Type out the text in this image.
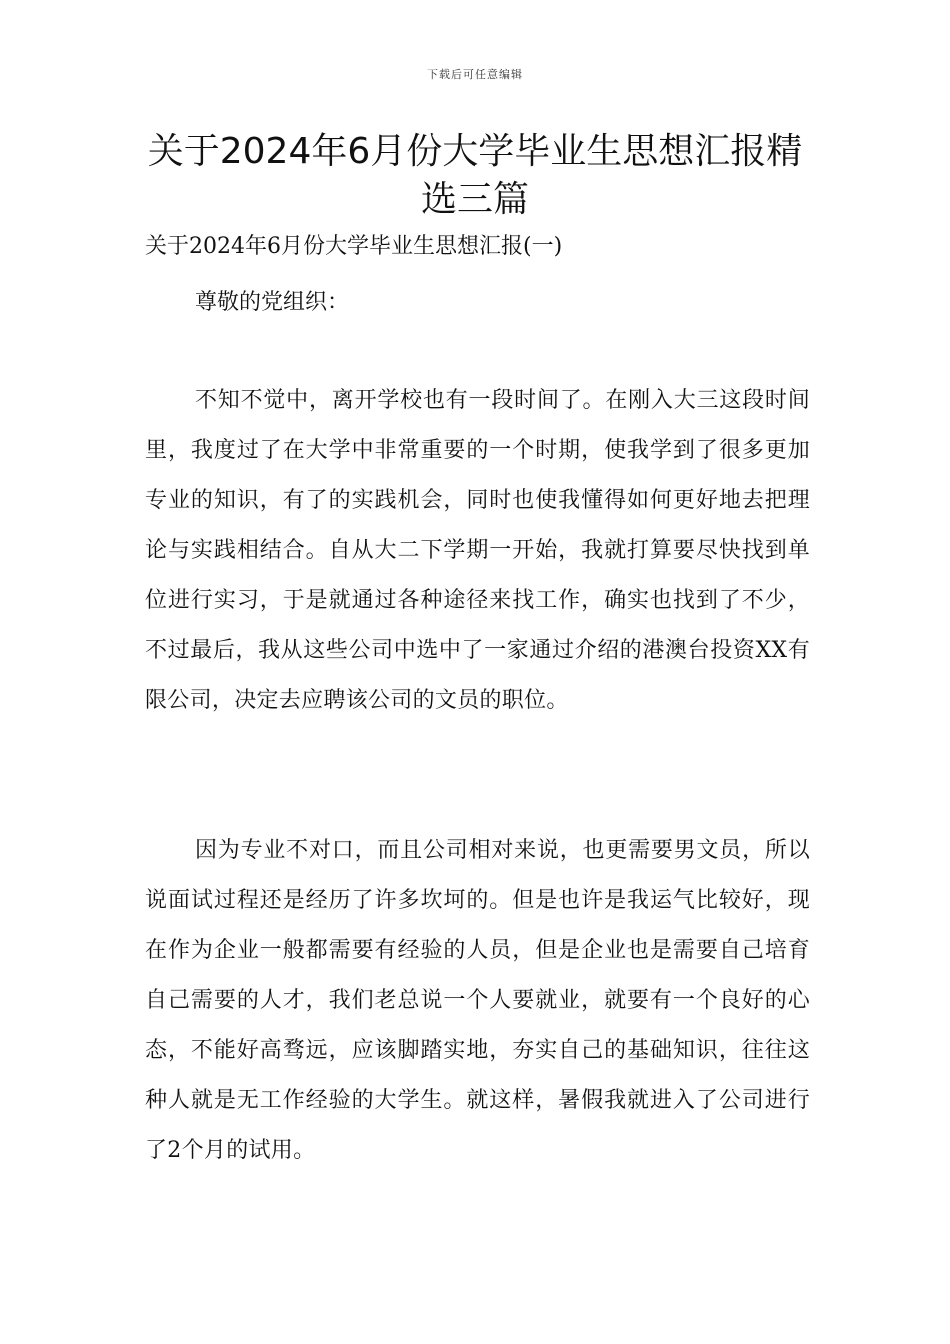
下载后可任意编辑
关于2024年6月份大学毕业生思想汇报精选三篇

关于2024年6月份大学毕业生思想汇报(一)

尊敬的党组织：

不知不觉中，离开学校也有一段时间了。在刚入大三这段时间里，我度过了在大学中非常重要的一个时期，使我学到了很多更加专业的知识，有了的实践机会，同时也使我懂得如何更好地去把理论与实践相结合。自从大二下学期一开始，我就打算要尽快找到单位进行实习，于是就通过各种途径来找工作，确实也找到了不少，不过最后，我从这些公司中选中了一家通过介绍的港澳台投资XX有限公司，决定去应聘该公司的文员的职位。

因为专业不对口，而且公司相对来说，也更需要男文员，所以说面试过程还是经历了许多坎坷的。但是也许是我运气比较好，现在作为企业一般都需要有经验的人员，但是企业也是需要自己培育自己需要的人才，我们老总说一个人要就业，就要有一个良好的心态，不能好高骛远，应该脚踏实地，夯实自己的基础知识，往往这种人就是无工作经验的大学生。就这样，暑假我就进入了公司进行了2个月的试用。
